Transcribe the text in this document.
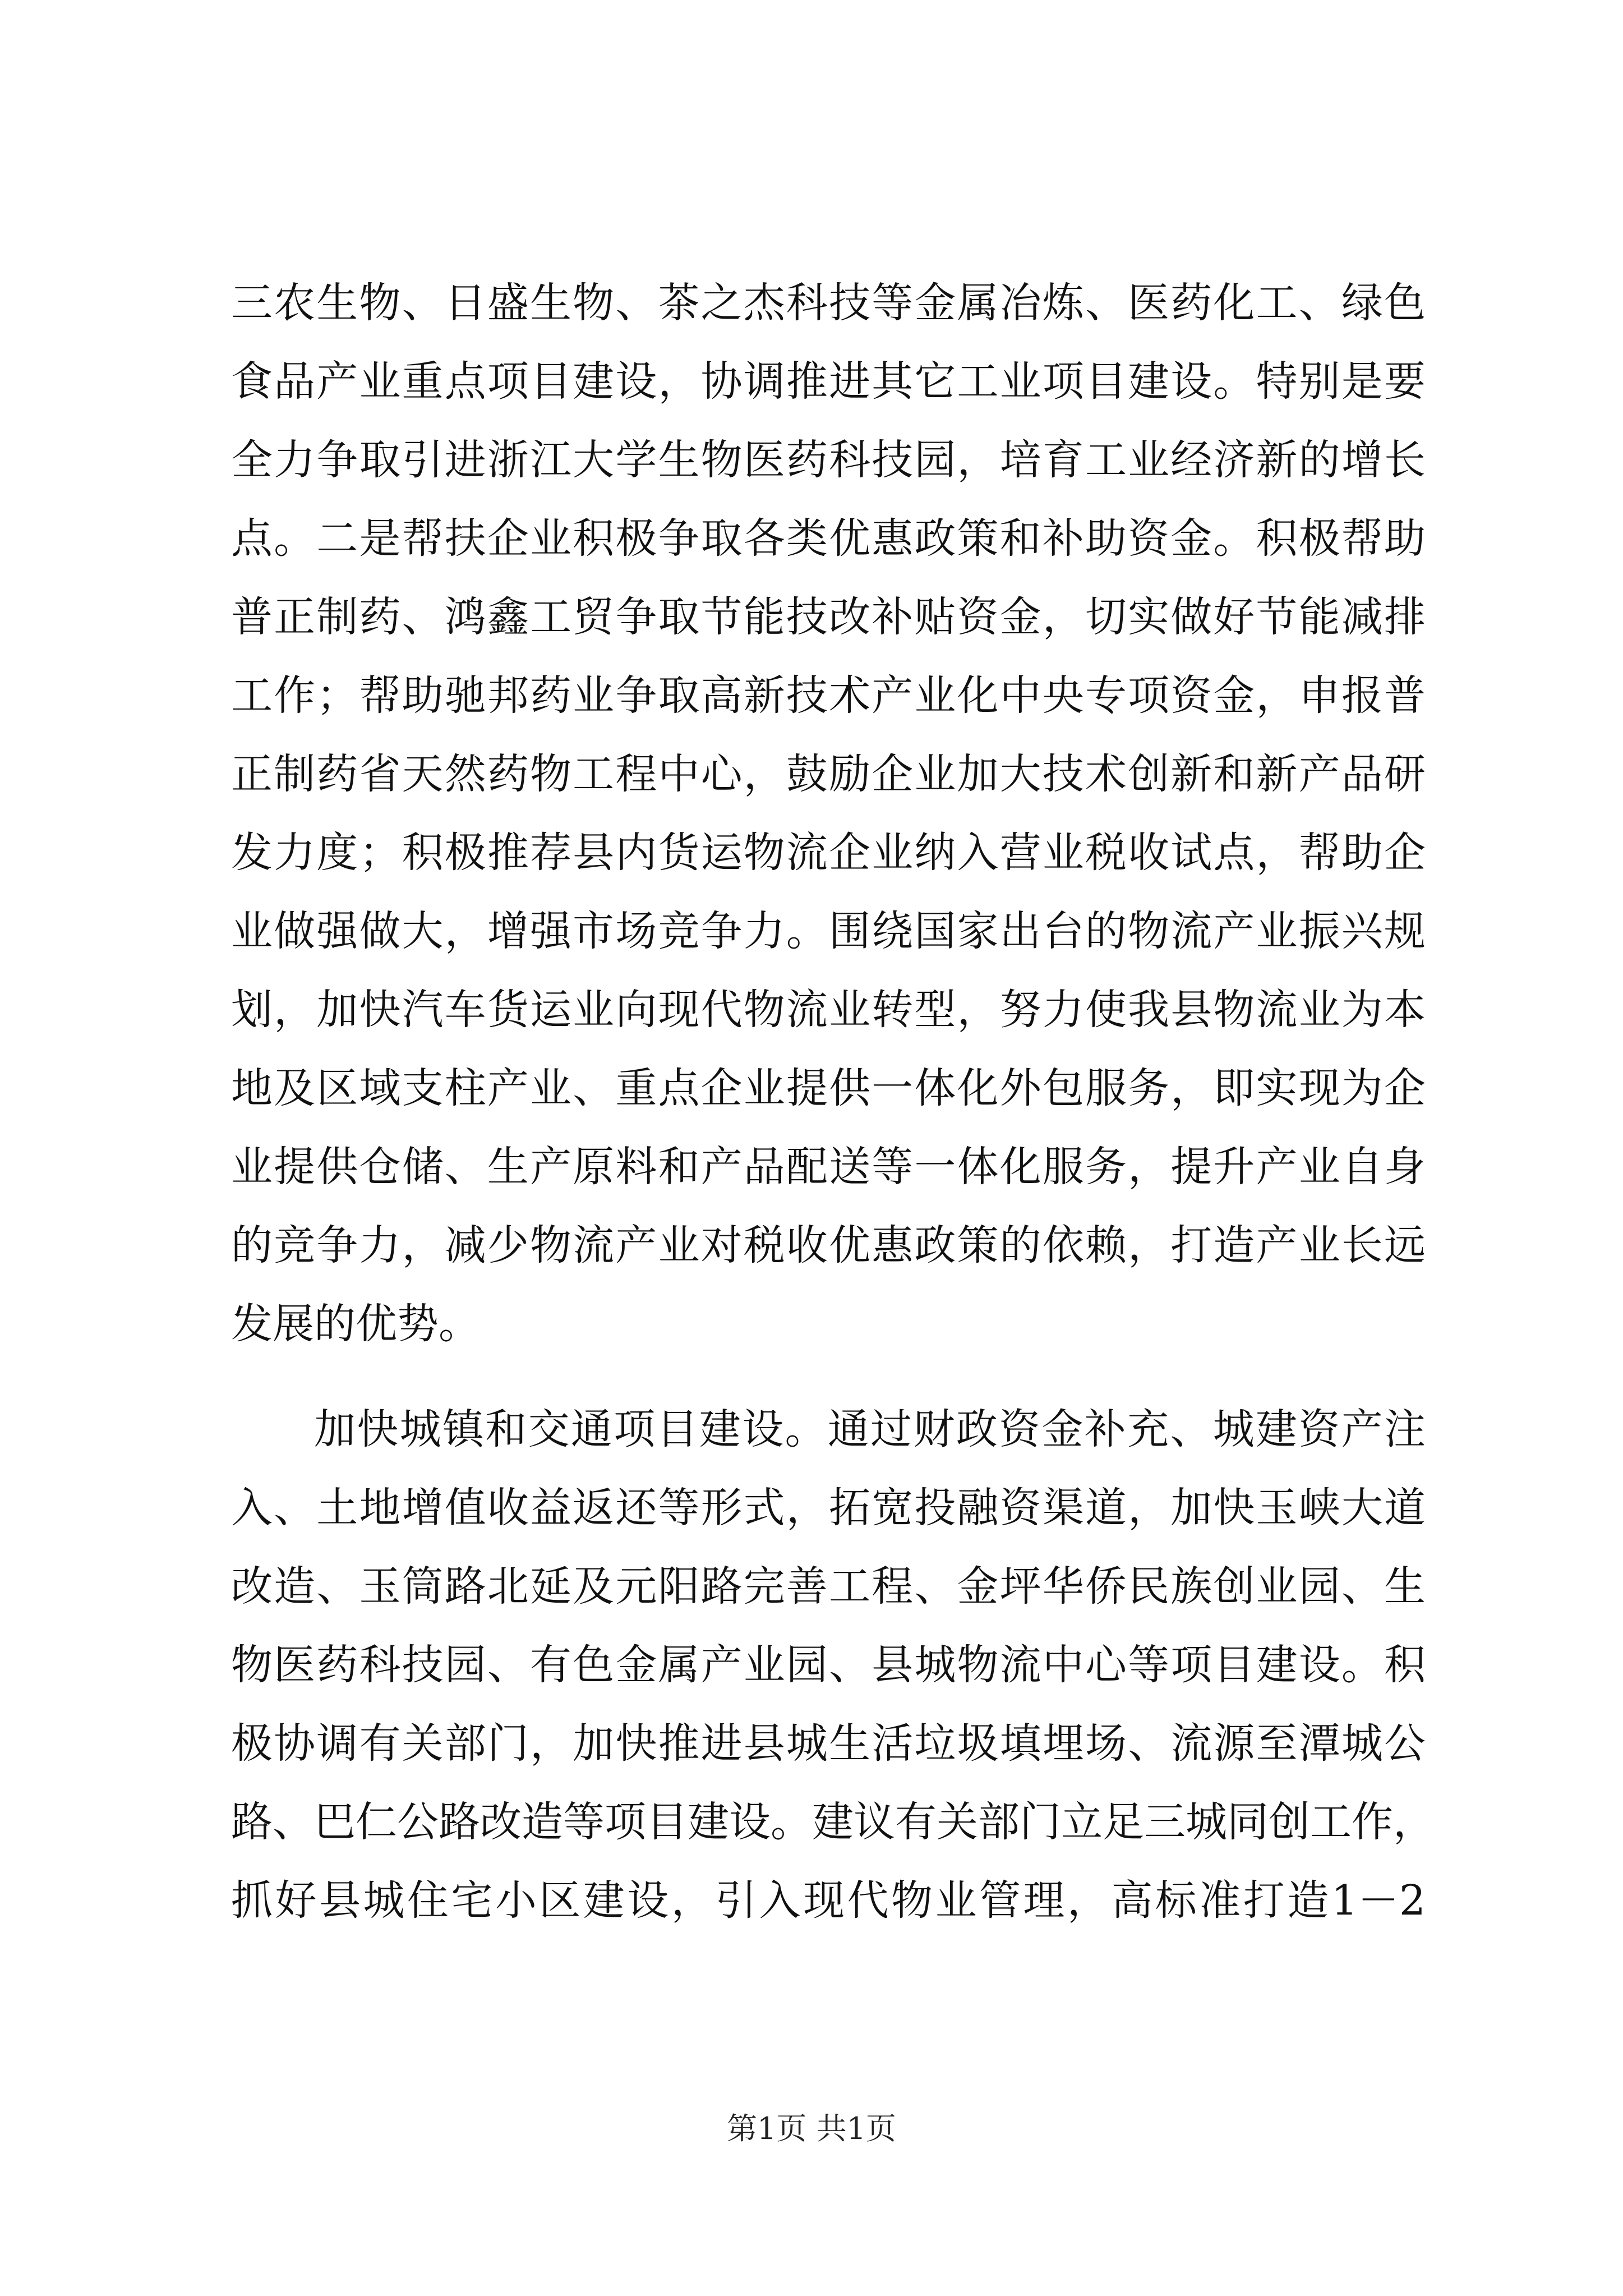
三农生物、日盛生物、茶之杰科技等金属冶炼、医药化工、绿色
食品产业重点项目建设，协调推进其它工业项目建设。特别是要
全力争取引进浙江大学生物医药科技园，培育工业经济新的增长
点。二是帮扶企业积极争取各类优惠政策和补助资金。积极帮助
普正制药、鸿鑫工贸争取节能技改补贴资金，切实做好节能减排
工作；帮助驰邦药业争取高新技术产业化中央专项资金，申报普
正制药省天然药物工程中心，鼓励企业加大技术创新和新产品研
发力度；积极推荐县内货运物流企业纳入营业税收试点，帮助企
业做强做大，增强市场竞争力。围绕国家出台的物流产业振兴规
划，加快汽车货运业向现代物流业转型，努力使我县物流业为本
地及区域支柱产业、重点企业提供一体化外包服务，即实现为企
业提供仓储、生产原料和产品配送等一体化服务，提升产业自身
的竞争力，减少物流产业对税收优惠政策的依赖，打造产业长远
发展的优势。
加快城镇和交通项目建设。通过财政资金补充、城建资产注
入、土地增值收益返还等形式，拓宽投融资渠道，加快玉峡大道
改造、玉筒路北延及元阳路完善工程、金坪华侨民族创业园、生
物医药科技园、有色金属产业园、县城物流中心等项目建设。积
极协调有关部门，加快推进县城生活垃圾填埋场、流源至潭城公
路、巴仁公路改造等项目建设。建议有关部门立足三城同创工作，
抓好县城住宅小区建设，引入现代物业管理，高标准打造1－2
第1页 共1页
